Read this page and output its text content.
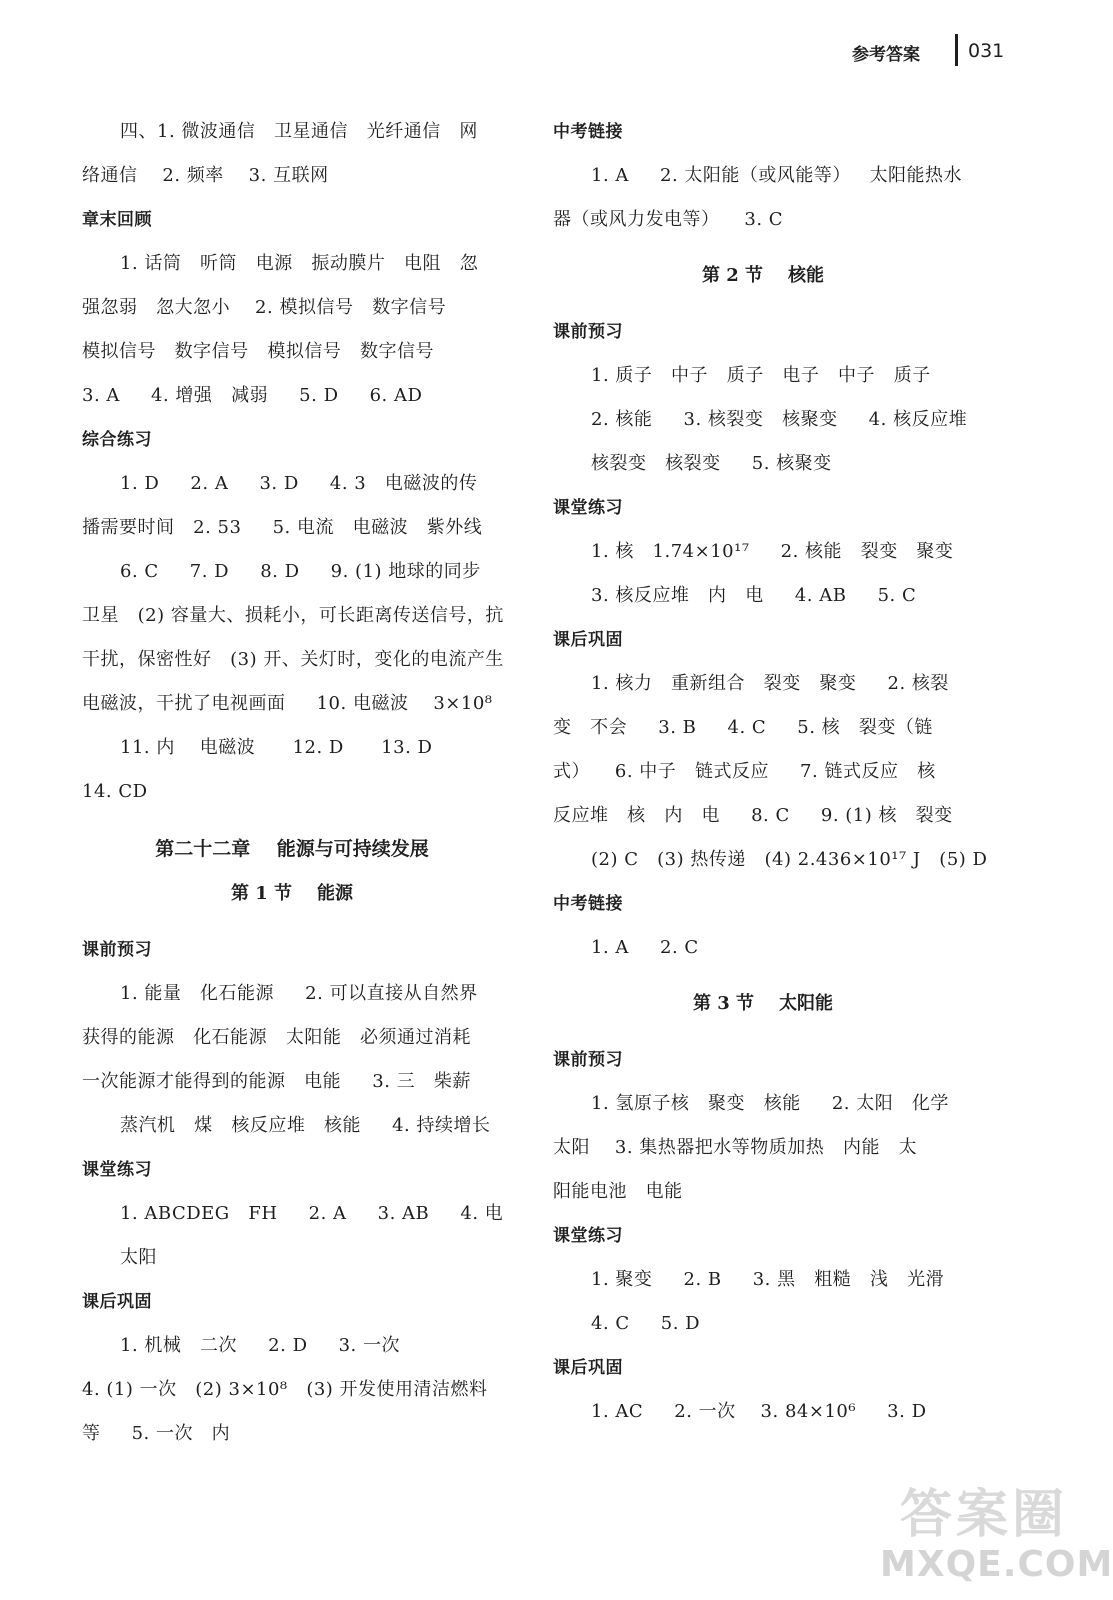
参考答案	031
四、1. 微波通信   卫星通信   光纤通信   网
络通信    2. 频率    3. 互联网
章末回顾
1. 话筒   听筒   电源   振动膜片   电阻   忽
强忽弱   忽大忽小    2. 模拟信号   数字信号
模拟信号   数字信号   模拟信号   数字信号
3. A     4. 增强   减弱     5. D     6. AD
综合练习
1. D     2. A     3. D     4. 3   电磁波的传
播需要时间   2. 53     5. 电流   电磁波   紫外线
6. C     7. D     8. D     9. (1) 地球的同步
卫星   (2) 容量大、损耗小，可长距离传送信号，抗
干扰，保密性好   (3) 开、关灯时，变化的电流产生
电磁波，干扰了电视画面     10. 电磁波    3×10⁸
11. 内    电磁波      12. D      13. D
14. CD
第二十二章    能源与可持续发展
第 1 节    能源
课前预习
1. 能量   化石能源     2. 可以直接从自然界
获得的能源   化石能源   太阳能   必须通过消耗
一次能源才能得到的能源   电能     3. 三   柴薪
蒸汽机   煤   核反应堆   核能     4. 持续增长
课堂练习
1. ABCDEG   FH     2. A     3. AB     4. 电
太阳
课后巩固
1. 机械   二次     2. D     3. 一次
4. (1) 一次   (2) 3×10⁸   (3) 开发使用清洁燃料
等     5. 一次   内
中考链接
1. A     2. 太阳能（或风能等）   太阳能热水
器（或风力发电等）    3. C
第 2 节    核能
课前预习
1. 质子   中子   质子   电子   中子   质子
2. 核能     3. 核裂变   核聚变     4. 核反应堆
核裂变   核裂变     5. 核聚变
课堂练习
1. 核   1.74×10¹⁷     2. 核能   裂变   聚变
3. 核反应堆   内   电     4. AB     5. C
课后巩固
1. 核力   重新组合   裂变   聚变     2. 核裂
变   不会     3. B     4. C     5. 核   裂变（链
式）    6. 中子   链式反应     7. 链式反应   核
反应堆   核   内   电     8. C     9. (1) 核   裂变
(2) C   (3) 热传递   (4) 2.436×10¹⁷ J   (5) D
中考链接
1. A     2. C
第 3 节    太阳能
课前预习
1. 氢原子核   聚变   核能     2. 太阳   化学
太阳    3. 集热器把水等物质加热   内能   太
阳能电池   电能
课堂练习
1. 聚变     2. B     3. 黑   粗糙   浅   光滑
4. C     5. D
课后巩固
1. AC     2. 一次    3. 84×10⁶     3. D
答案圈
MXQE.COM
